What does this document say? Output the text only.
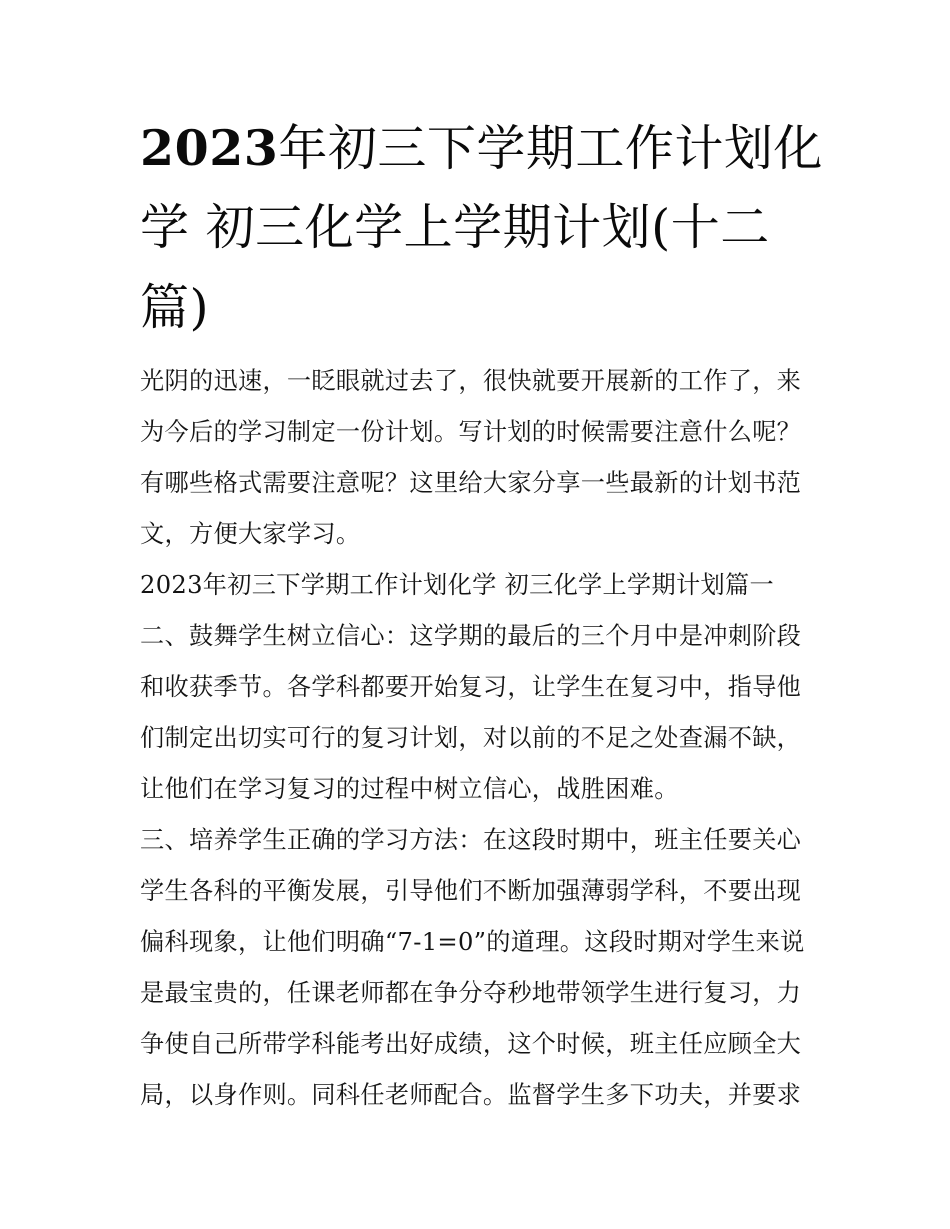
2023年初三下学期工作计划化
学 初三化学上学期计划(十二
篇)

光阴的迅速，一眨眼就过去了，很快就要开展新的工作了，来
为今后的学习制定一份计划。写计划的时候需要注意什么呢？
有哪些格式需要注意呢？这里给大家分享一些最新的计划书范
文，方便大家学习。

2023年初三下学期工作计划化学 初三化学上学期计划篇一

二、鼓舞学生树立信心：这学期的最后的三个月中是冲刺阶段
和收获季节。各学科都要开始复习，让学生在复习中，指导他
们制定出切实可行的复习计划，对以前的不足之处查漏不缺，
让他们在学习复习的过程中树立信心，战胜困难。

三、培养学生正确的学习方法：在这段时期中，班主任要关心
学生各科的平衡发展，引导他们不断加强薄弱学科，不要出现
偏科现象，让他们明确“7-1=0”的道理。这段时期对学生来说
是最宝贵的，任课老师都在争分夺秒地带领学生进行复习，力
争使自己所带学科能考出好成绩，这个时候，班主任应顾全大
局，以身作则。同科任老师配合。监督学生多下功夫，并要求
